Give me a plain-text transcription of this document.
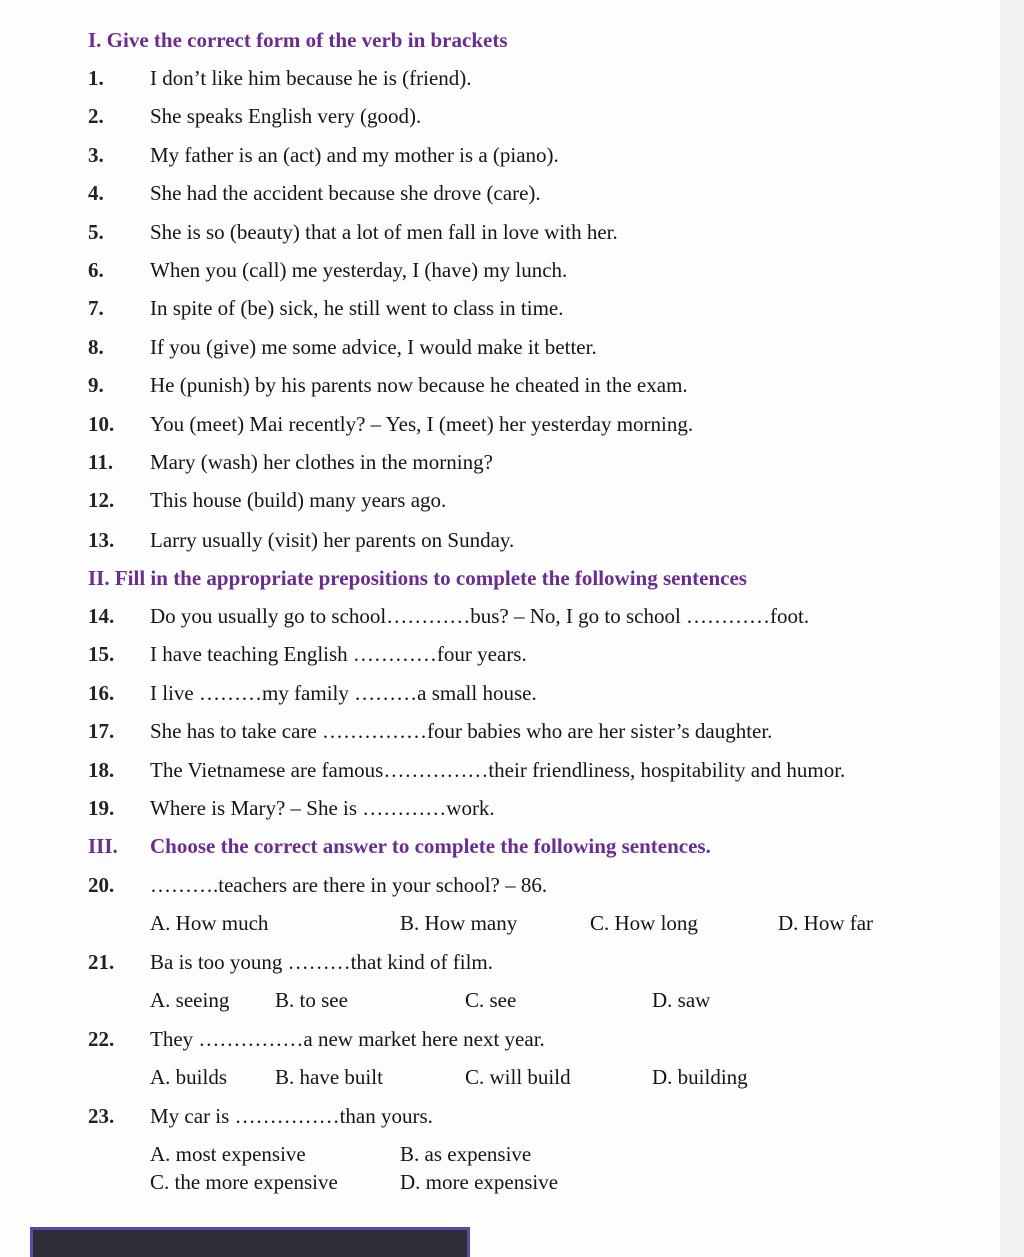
I. Give the correct form of the verb in brackets
1. I don’t like him because he is (friend).
2. She speaks English very (good).
3. My father is an (act) and my mother is a (piano).
4. She had the accident because she drove (care).
5. She is so (beauty) that a lot of men fall in love with her.
6. When you (call) me yesterday, I (have) my lunch.
7. In spite of (be) sick, he still went to class in time.
8. If you (give) me some advice, I would make it better.
9. He (punish) by his parents now because he cheated in the exam.
10. You (meet) Mai recently? – Yes, I (meet) her yesterday morning.
11. Mary (wash) her clothes in the morning?
12. This house (build) many years ago.
13. Larry usually (visit) her parents on Sunday.
II. Fill in the appropriate prepositions to complete the following sentences
14. Do you usually go to school…………bus? – No, I go to school …………foot.
15. I have teaching English …………four years.
16. I live ………my family ………a small house.
17. She has to take care ……………four babies who are her sister’s daughter.
18. The Vietnamese are famous……………their friendliness, hospitability and humor.
19. Where is Mary? – She is …………work.
III. Choose the correct answer to complete the following sentences.
20. ……….teachers are there in your school? – 86.
A. How much	B. How many	C. How long	D. How far
21. Ba is too young ………that kind of film.
A. seeing B. to see	C. see	D. saw
22. They ……………a new market here next year.
A. builds B. have built	C. will build	D. building
23. My car is ……………than yours.
A. most expensive	B. as expensive
C. the more expensive	D. more expensive
